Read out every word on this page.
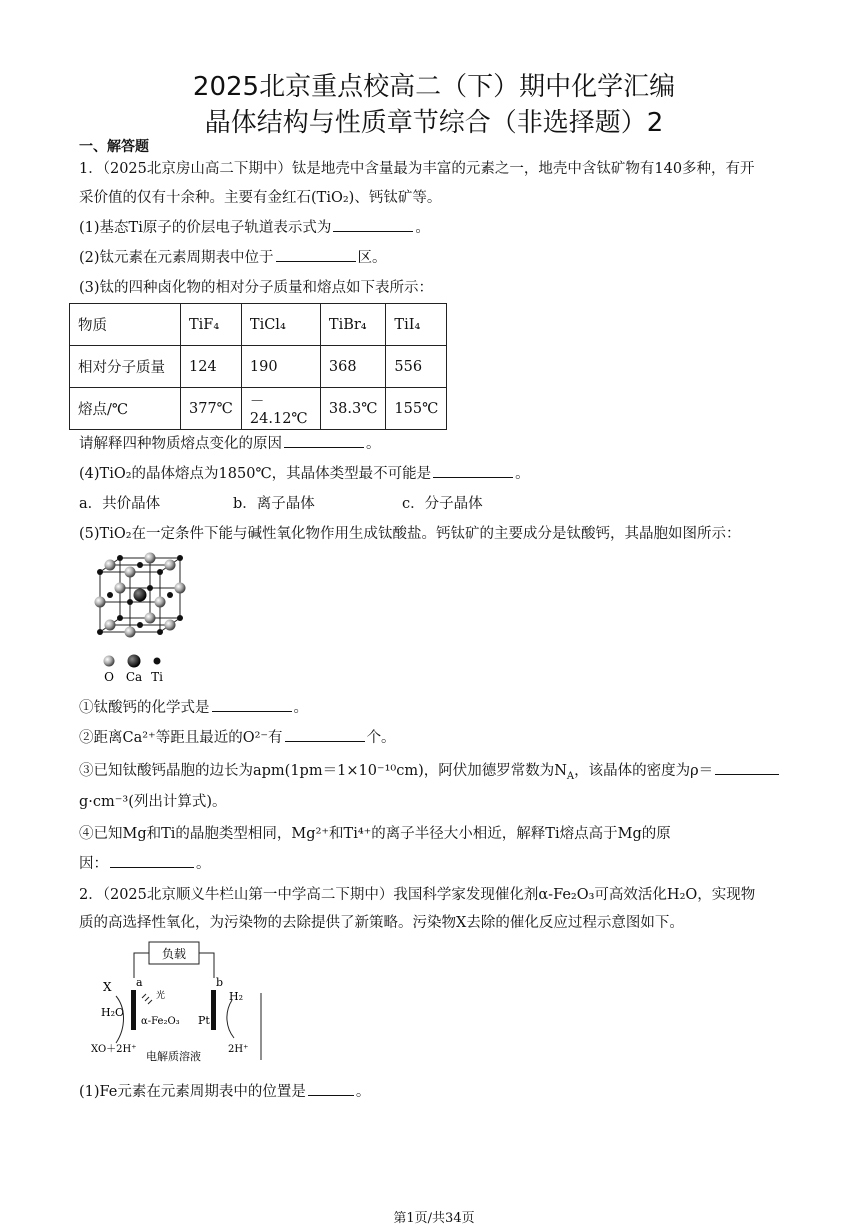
2025北京重点校高二（下）期中化学汇编
晶体结构与性质章节综合（非选择题）2
一、解答题
1．（2025北京房山高二下期中）钛是地壳中含量最为丰富的元素之一，地壳中含钛矿物有140多种，有开
采价值的仅有十余种。主要有金红石(TiO₂)、钙钛矿等。
(1)基态Ti原子的价层电子轨道表示式为	。
(2)钛元素在元素周期表中位于	区。
(3)钛的四种卤化物的相对分子质量和熔点如下表所示：
物质	TiF₄	TiCl₄	TiBr₄	TiI₄
相对分子质量	124	190	368	556
熔点/℃	377℃	－24.12℃	38.3℃	155℃
请解释四种物质熔点变化的原因	。
(4)TiO₂的晶体熔点为1850℃，其晶体类型最不可能是	。
a．共价晶体	b．离子晶体	c．分子晶体
(5)TiO₂在一定条件下能与碱性氧化物作用生成钛酸盐。钙钛矿的主要成分是钛酸钙，其晶胞如图所示：
O Ca Ti
①钛酸钙的化学式是	。
②距离Ca²⁺等距且最近的O²⁻有	个。
③已知钛酸钙晶胞的边长为apm(1pm＝1×10⁻¹⁰cm)，阿伏加德罗常数为$N_A$，该晶体的密度为ρ＝
g·cm⁻³(列出计算式)。
④已知Mg和Ti的晶胞类型相同，Mg²⁺和Ti⁴⁺的离子半径大小相近，解释Ti熔点高于Mg的原
因：	。
2．（2025北京顺义牛栏山第一中学高二下期中）我国科学家发现催化剂α-Fe₂O₃可高效活化H₂O，实现物
质的高选择性氧化，为污染物的去除提供了新策略。污染物X去除的催化反应过程示意图如下。
负载
a	b
X
H₂O
光
α-Fe₂O₃ Pt
H₂
XO＋2H⁺	2H⁺
电解质溶液
(1)Fe元素在元素周期表中的位置是	。
第1页/共34页
